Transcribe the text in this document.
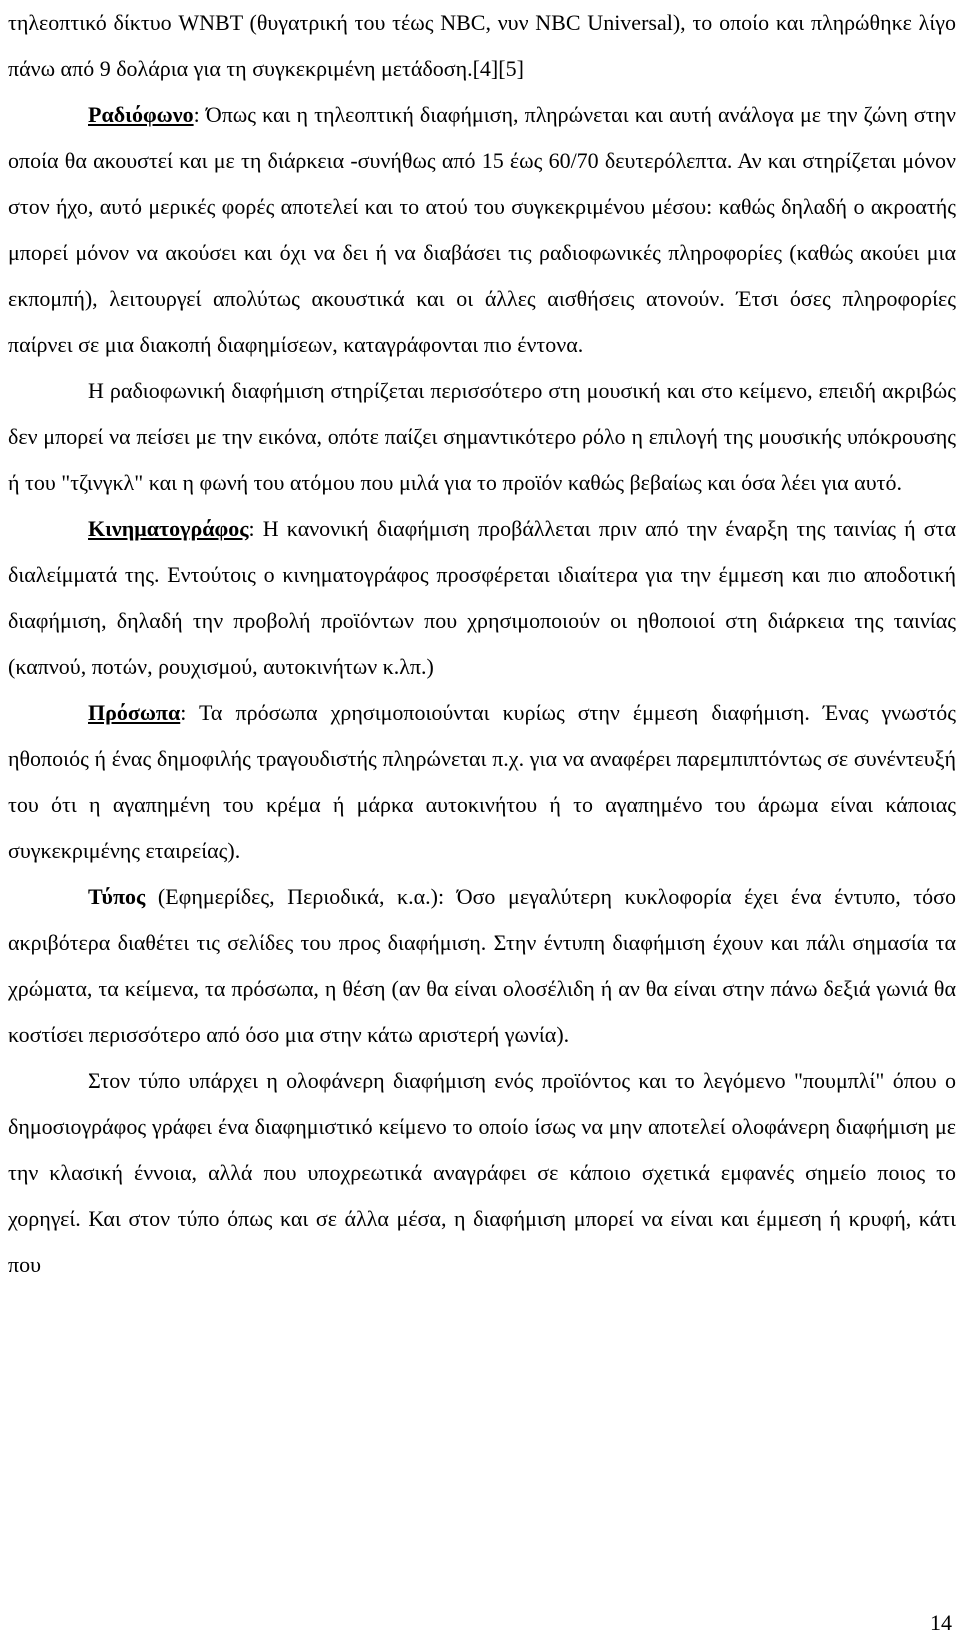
τηλεοπτικό δίκτυο WNBT (θυγατρική του τέως NBC, νυν NBC Universal), το οποίο και πληρώθηκε λίγο πάνω από 9 δολάρια για τη συγκεκριμένη μετάδοση.[4][5]

Ραδιόφωνο: Όπως και η τηλεοπτική διαφήμιση, πληρώνεται και αυτή ανάλογα με την ζώνη στην οποία θα ακουστεί και με τη διάρκεια -συνήθως από 15 έως 60/70 δευτερόλεπτα. Αν και στηρίζεται μόνον στον ήχο, αυτό μερικές φορές αποτελεί και το ατού του συγκεκριμένου μέσου: καθώς δηλαδή ο ακροατής μπορεί μόνον να ακούσει και όχι να δει ή να διαβάσει τις ραδιοφωνικές πληροφορίες (καθώς ακούει μια εκπομπή), λειτουργεί απολύτως ακουστικά και οι άλλες αισθήσεις ατονούν. Έτσι όσες πληροφορίες παίρνει σε μια διακοπή διαφημίσεων, καταγράφονται πιο έντονα.

Η ραδιοφωνική διαφήμιση στηρίζεται περισσότερο στη μουσική και στο κείμενο, επειδή ακριβώς δεν μπορεί να πείσει με την εικόνα, οπότε παίζει σημαντικότερο ρόλο η επιλογή της μουσικής υπόκρουσης ή του "τζινγκλ" και η φωνή του ατόμου που μιλά για το προϊόν καθώς βεβαίως και όσα λέει για αυτό.

Κινηματογράφος: Η κανονική διαφήμιση προβάλλεται πριν από την έναρξη της ταινίας ή στα διαλείμματά της. Εντούτοις ο κινηματογράφος προσφέρεται ιδιαίτερα για την έμμεση και πιο αποδοτική διαφήμιση, δηλαδή την προβολή προϊόντων που χρησιμοποιούν οι ηθοποιοί στη διάρκεια της ταινίας (καπνού, ποτών, ρουχισμού, αυτοκινήτων κ.λπ.)

Πρόσωπα: Τα πρόσωπα χρησιμοποιούνται κυρίως στην έμμεση διαφήμιση. Ένας γνωστός ηθοποιός ή ένας δημοφιλής τραγουδιστής πληρώνεται π.χ. για να αναφέρει παρεμπιπτόντως σε συνέντευξή του ότι η αγαπημένη του κρέμα ή μάρκα αυτοκινήτου ή το αγαπημένο του άρωμα είναι κάποιας συγκεκριμένης εταιρείας).

Τύπος (Εφημερίδες, Περιοδικά, κ.α.): Όσο μεγαλύτερη κυκλοφορία έχει ένα έντυπο, τόσο ακριβότερα διαθέτει τις σελίδες του προς διαφήμιση. Στην έντυπη διαφήμιση έχουν και πάλι σημασία τα χρώματα, τα κείμενα, τα πρόσωπα, η θέση (αν θα είναι ολοσέλιδη ή αν θα είναι στην πάνω δεξιά γωνιά θα κοστίσει περισσότερο από όσο μια στην κάτω αριστερή γωνία).

Στον τύπο υπάρχει η ολοφάνερη διαφήμιση ενός προϊόντος και το λεγόμενο "πουμπλί" όπου ο δημοσιογράφος γράφει ένα διαφημιστικό κείμενο το οποίο ίσως να μην αποτελεί ολοφάνερη διαφήμιση με την κλασική έννοια, αλλά που υποχρεωτικά αναγράφει σε κάποιο σχετικά εμφανές σημείο ποιος το χορηγεί. Και στον τύπο όπως και σε άλλα μέσα, η διαφήμιση μπορεί να είναι και έμμεση ή κρυφή, κάτι που

14
